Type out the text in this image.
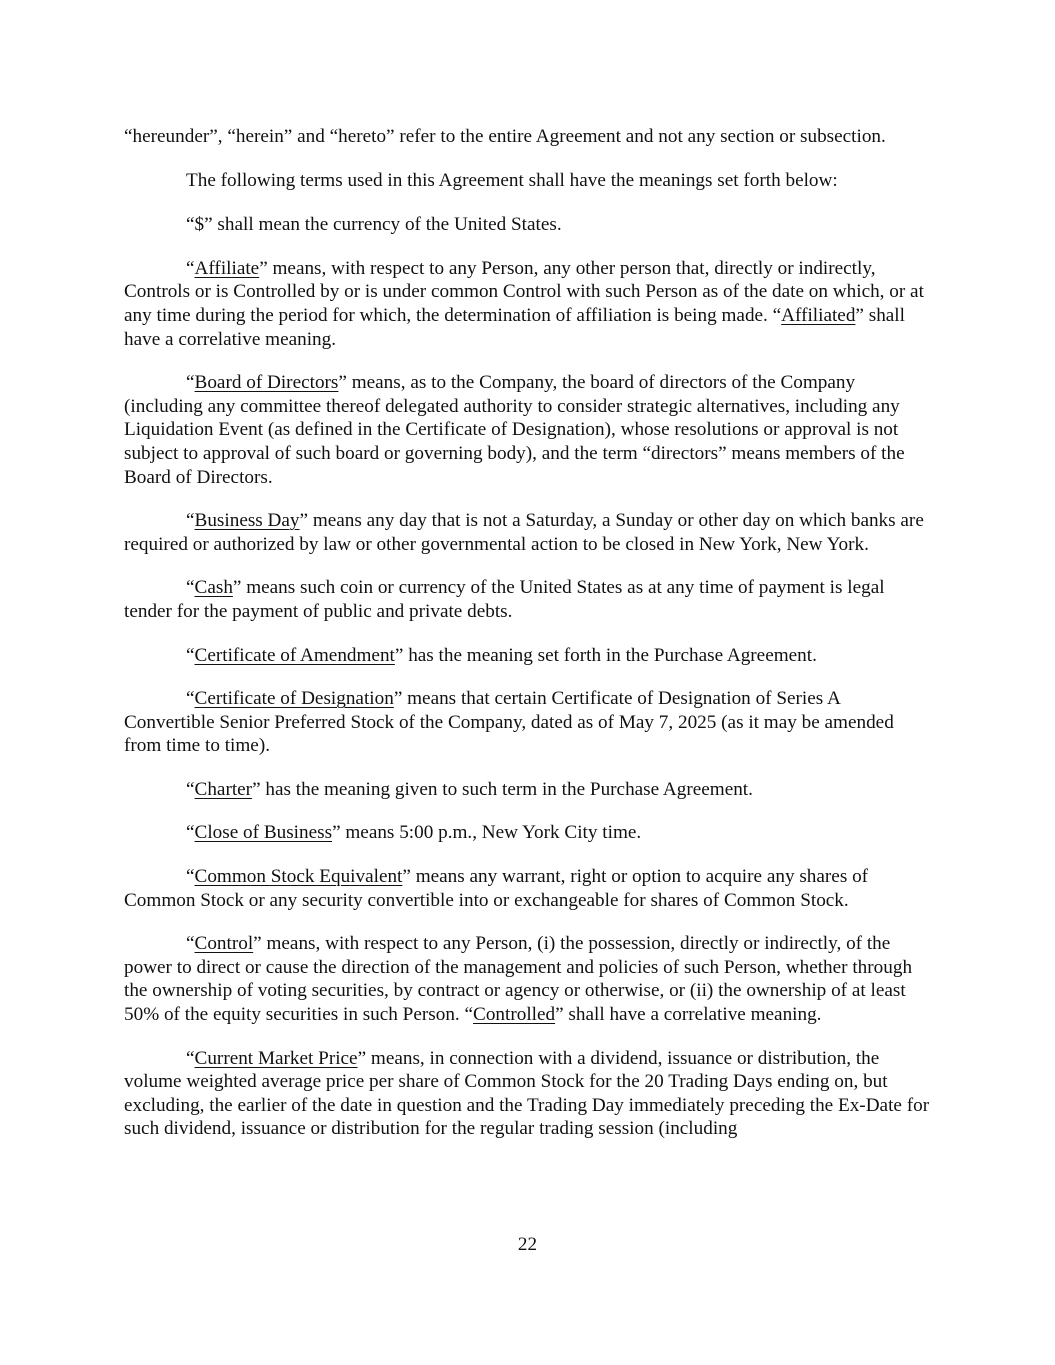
“hereunder”, “herein” and “hereto” refer to the entire Agreement and not any section or subsection.

The following terms used in this Agreement shall have the meanings set forth below:

“$” shall mean the currency of the United States.

“Affiliate” means, with respect to any Person, any other person that, directly or indirectly, Controls or is Controlled by or is under common Control with such Person as of the date on which, or at any time during the period for which, the determination of affiliation is being made. “Affiliated” shall have a correlative meaning.

“Board of Directors” means, as to the Company, the board of directors of the Company (including any committee thereof delegated authority to consider strategic alternatives, including any Liquidation Event (as defined in the Certificate of Designation), whose resolutions or approval is not subject to approval of such board or governing body), and the term “directors” means members of the Board of Directors.

“Business Day” means any day that is not a Saturday, a Sunday or other day on which banks are required or authorized by law or other governmental action to be closed in New York, New York.

“Cash” means such coin or currency of the United States as at any time of payment is legal tender for the payment of public and private debts.

“Certificate of Amendment” has the meaning set forth in the Purchase Agreement.

“Certificate of Designation” means that certain Certificate of Designation of Series A Convertible Senior Preferred Stock of the Company, dated as of May 7, 2025 (as it may be amended from time to time).

“Charter” has the meaning given to such term in the Purchase Agreement.

“Close of Business” means 5:00 p.m., New York City time.

“Common Stock Equivalent” means any warrant, right or option to acquire any shares of Common Stock or any security convertible into or exchangeable for shares of Common Stock.

“Control” means, with respect to any Person, (i) the possession, directly or indirectly, of the power to direct or cause the direction of the management and policies of such Person, whether through the ownership of voting securities, by contract or agency or otherwise, or (ii) the ownership of at least 50% of the equity securities in such Person. “Controlled” shall have a correlative meaning.

“Current Market Price” means, in connection with a dividend, issuance or distribution, the volume weighted average price per share of Common Stock for the 20 Trading Days ending on, but excluding, the earlier of the date in question and the Trading Day immediately preceding the Ex-Date for such dividend, issuance or distribution for the regular trading session (including

22
